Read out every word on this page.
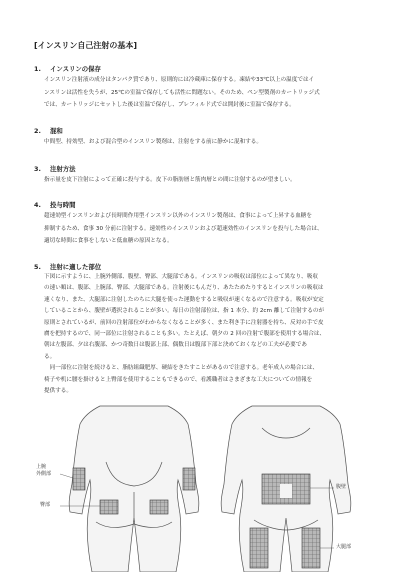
[インスリン自己注射の基本]
1. インスリンの保存
インスリン注射液の成分はタンパク質であり、原則的には冷蔵庫に保存する。凍結や33℃以上の温度ではイ
ンスリンは活性を失うが、25℃の室温で保存しても活性に問題ない。そのため、ペン型製剤のカートリッジ式
では、カートリッジにセットした後は室温で保存し、プレフィルド式では開封後に室温で保存する。
2. 混和
中間型、持効型、および混合型のインスリン製剤は、注射をする前に静かに混和する。
3. 注射方法
指示量を皮下注射によって正確に投与する。皮下の脂肪層と筋肉層との間に注射するのが望ましい。
4. 投与時間
超速効型インスリンおよび長時間作用型インスリン以外のインスリン製剤は、食事によって上昇する血糖を
抑制するため、食事 30 分前に注射する。速効性のインスリンおよび超速効性のインスリンを投与した場合は、
適切な時間に食事をしないと低血糖の原因となる。
5. 注射に適した部位
下図に示すように、上腕外側部、腹壁、臀部、大腿部である。インスリンの吸収は部位によって異なり、吸収
の速い順は、腹部、上腕部、臀部、大腿部である。注射後にもんだり、あたためたりするとインスリンの吸収は
速くなり、また、大腿部に注射したのちに大腿を使った運動をすると吸収が速くなるので注意する。吸収が安定
していることから、腹壁が選択されることが多い。毎日の注射部位は、指 1 本分、約 2cm 離して注射するのが
原則とされているが、前回の注射部位がわからなくなることが多く、また利き手に注射器を持ち、反対の手で皮
膚を把持するので、同一部位に注射されることも多い。たとえば、朝夕の 2 回の注射で腹部を使用する場合は、
朝は左腹部、夕は右腹部、かつ奇数日は腹部上部、偶数日は腹部下部と決めておくなどの工夫が必要であ
る。
　同一部位に注射を続けると、脂肪組織肥厚、硬結をきたすことがあるので注意する。老年成人の場合には、
椅子や机に腰を掛けると上臀部を使用することもできるので、看護職者はさまざまな工夫についての情報を
提供する。
上腕
外側部
臀部
腹壁
大腿部
